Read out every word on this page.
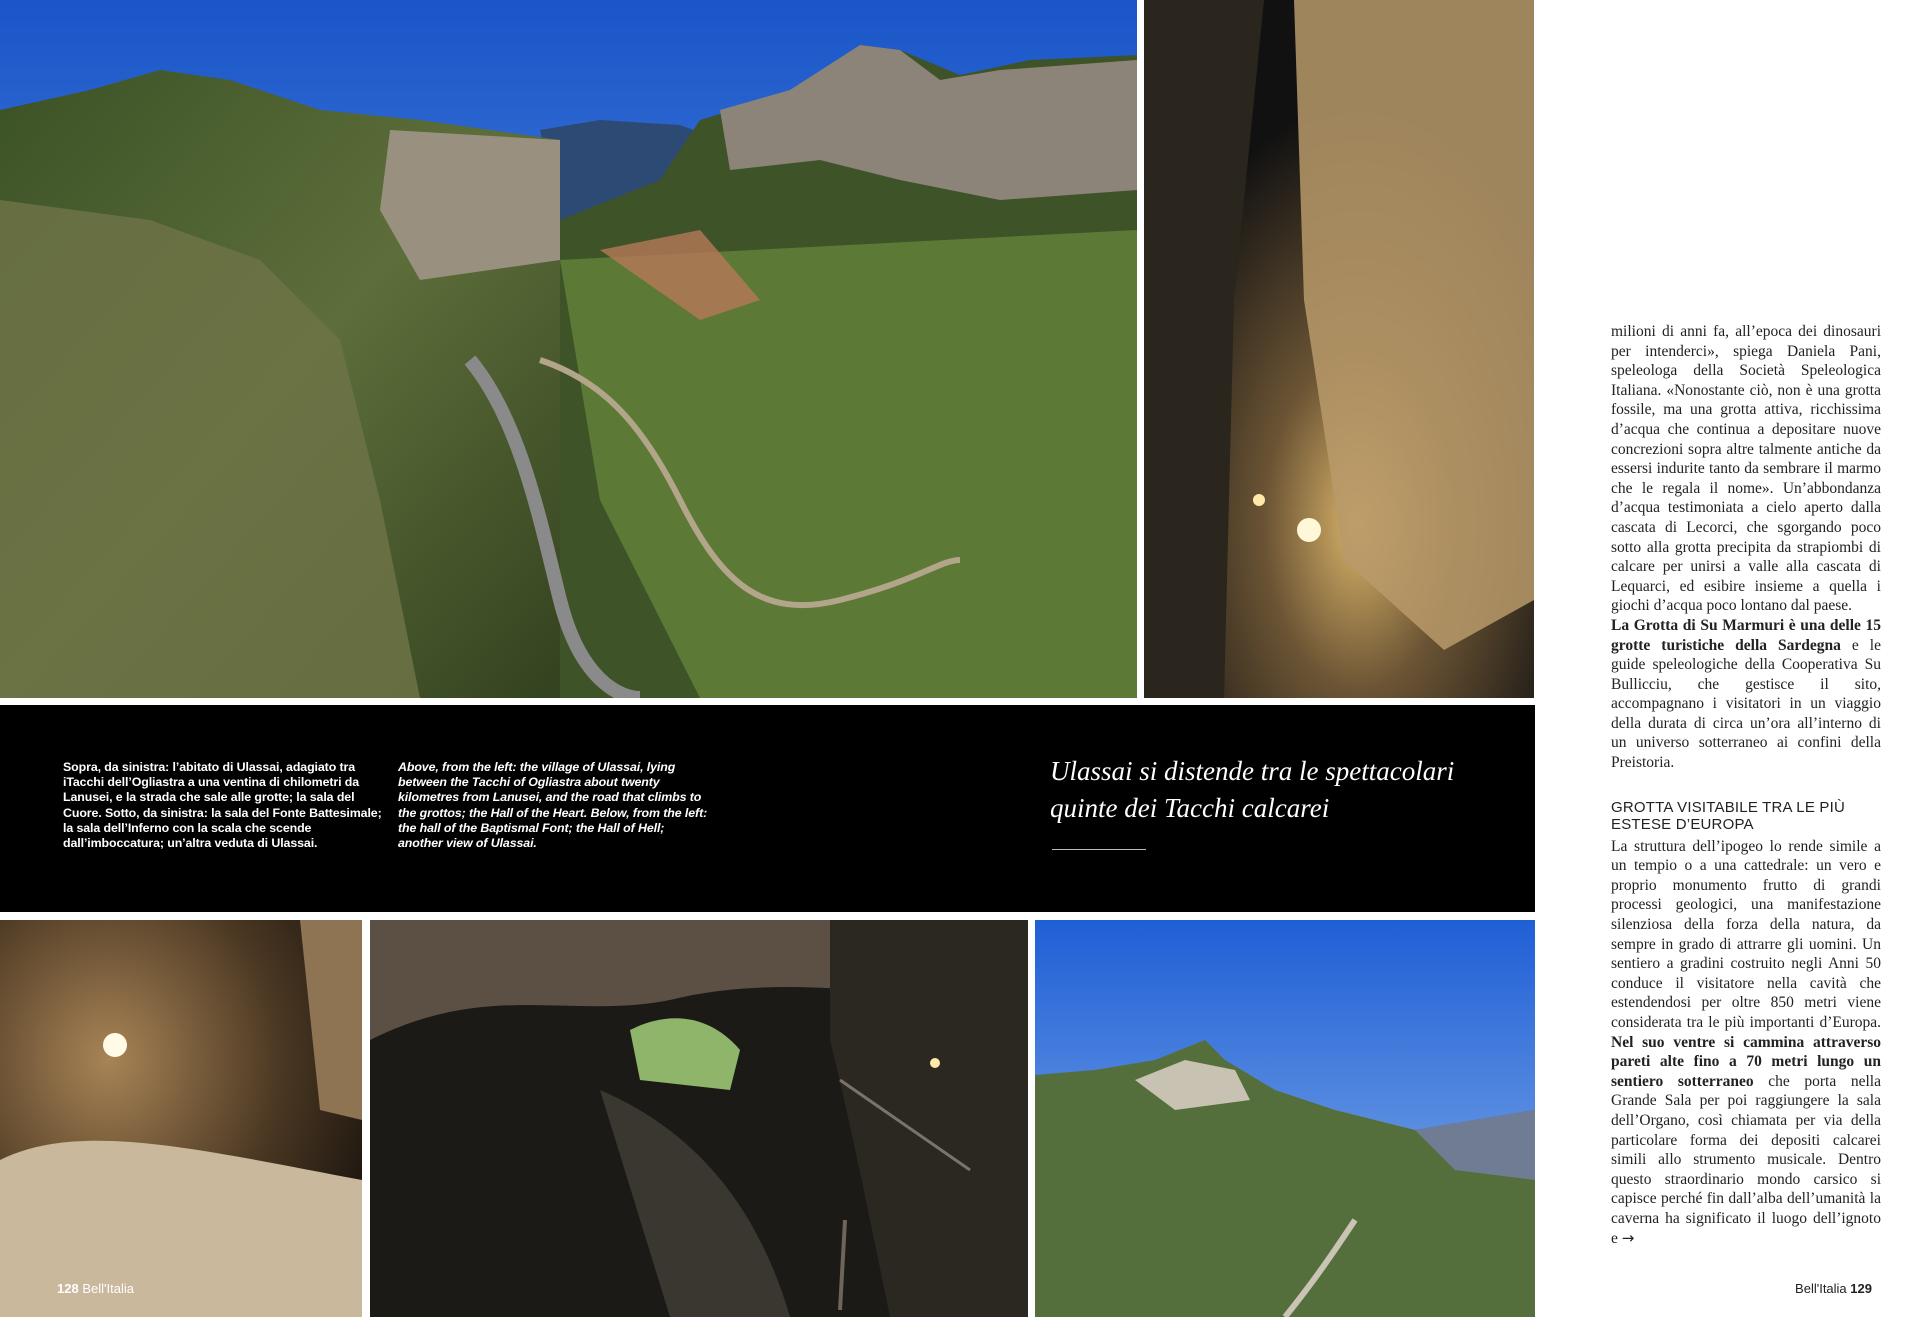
Sopra, da sinistra: l’abitato di Ulassai, adagiato tra iTacchi dell’Ogliastra a una ventina di chilometri da Lanusei, e la strada che sale alle grotte; la sala del Cuore. Sotto, da sinistra: la sala del Fonte Battesimale; la sala dell’Inferno con la scala che scende dall’imboccatura; un’altra veduta di Ulassai.
Above, from the left: the village of Ulassai, lying between the Tacchi of Ogliastra about twenty kilometres from Lanusei, and the road that climbs to the grottos; the Hall of the Heart. Below, from the left: the hall of the Baptismal Font; the Hall of Hell; another view of Ulassai.
Ulassai si distende tra le spettacolari quinte dei Tacchi calcarei

milioni di anni fa, all’epoca dei dinosauri per intenderci», spiega Daniela Pani, speleologa della Società Speleologica Italiana. «Nonostante ciò, non è una grotta fossile, ma una grotta attiva, ricchissima d’acqua che continua a depositare nuove concrezioni sopra altre talmente antiche da essersi indurite tanto da sembrare il marmo che le regala il nome». Un’abbondanza d’acqua testimoniata a cielo aperto dalla cascata di Lecorci, che sgorgando poco sotto alla grotta precipita da strapiombi di calcare per unirsi a valle alla cascata di Lequarci, ed esibire insieme a quella i giochi d’acqua poco lontano dal paese.

La Grotta di Su Marmuri è una delle 15 grotte turistiche della Sardegna e le guide speleologiche della Cooperativa Su Bullicciu, che gestisce il sito, accompagnano i visitatori in un viaggio della durata di circa un’ora all’interno di un universo sotterraneo ai confini della Preistoria.

GROTTA VISITABILE TRA LE PIÙ ESTESE D’EUROPA

La struttura dell’ipogeo lo rende simile a un tempio o a una cattedrale: un vero e proprio monumento frutto di grandi processi geologici, una manifestazione silenziosa della forza della natura, da sempre in grado di attrarre gli uomini. Un sentiero a gradini costruito negli Anni 50 conduce il visitatore nella cavità che estendendosi per oltre 850 metri viene considerata tra le più importanti d’Europa. Nel suo ventre si cammina attraverso pareti alte fino a 70 metri lungo un sentiero sotterraneo che porta nella Grande Sala per poi raggiungere la sala dell’Organo, così chiamata per via della particolare forma dei depositi calcarei simili allo strumento musicale. Dentro questo straordinario mondo carsico si capisce perché fin dall’alba dell’umanità la caverna ha significato il luogo dell’ignoto e →

128 Bell'Italia	Bell'Italia 129
